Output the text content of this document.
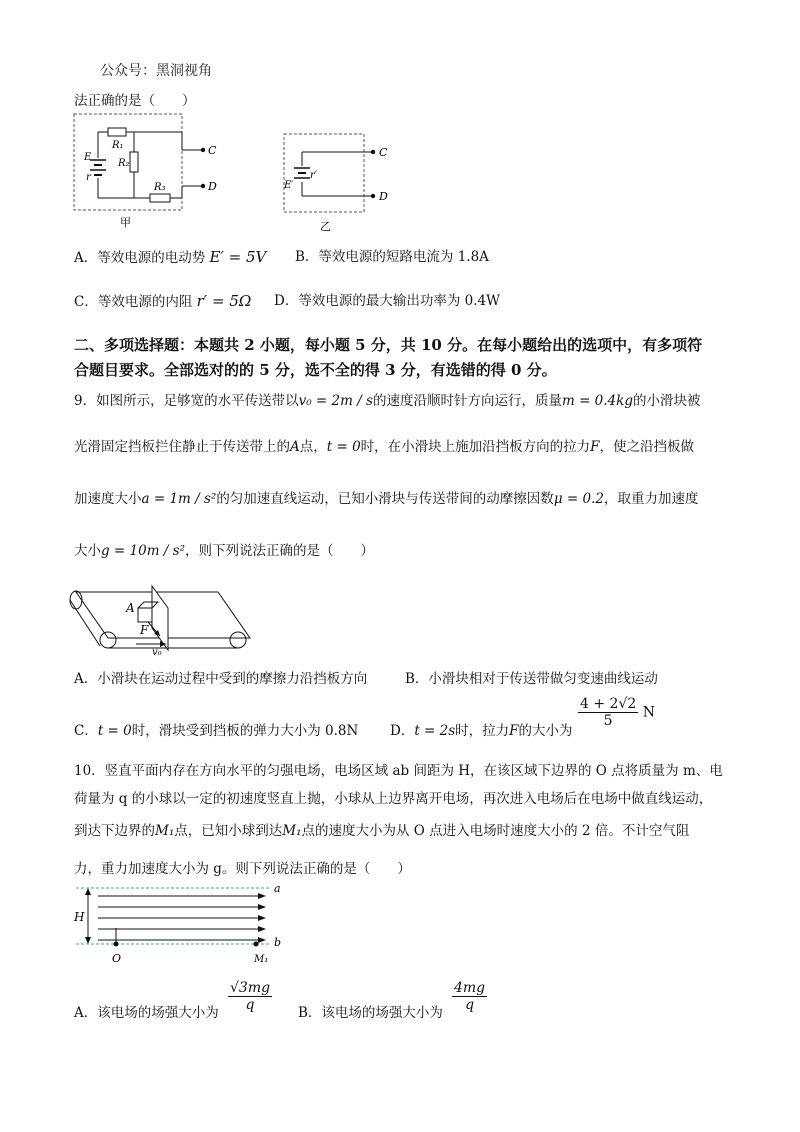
公众号：黑洞视角
法正确的是（　　）
E
r
R₁
R₂
R₃
C
D
甲
E′
r′
C
D
乙
A．等效电源的电动势 E′ = 5V B．等效电源的短路电流为 1.8A
C．等效电源的内阻 r′ = 5Ω D．等效电源的最大输出功率为 0.4W
二、多项选择题：本题共 2 小题，每小题 5 分，共 10 分。在每小题给出的选项中，有多项符
合题目要求。全部选对的的 5 分，选不全的得 3 分，有选错的得 0 分。
9．如图所示，足够宽的水平传送带以v₀ = 2m / s的速度沿顺时针方向运行，质量m = 0.4kg的小滑块被
光滑固定挡板拦住静止于传送带上的A点，t = 0时，在小滑块上施加沿挡板方向的拉力F，使之沿挡板做
加速度大小a = 1m / s²的匀加速直线运动，已知小滑块与传送带间的动摩擦因数μ = 0.2，取重力加速度
大小g = 10m / s²，则下列说法正确的是（　　）
A
F
v₀
A．小滑块在运动过程中受到的摩擦力沿挡板方向	B．小滑块相对于传送带做匀变速曲线运动
C．t = 0时，滑块受到挡板的弹力大小为 0.8N D．t = 2s时，拉力F的大小为
$\frac{4 + 2√2}{5}$ N
10．竖直平面内存在方向水平的匀强电场，电场区域 ab 间距为 H，在该区域下边界的 O 点将质量为 m、电
荷量为 q 的小球以一定的初速度竖直上抛，小球从上边界离开电场，再次进入电场后在电场中做直线运动，
到达下边界的M₁点，已知小球到达M₁点的速度大小为从 O 点进入电场时速度大小的 2 倍。不计空气阻
力，重力加速度大小为 g。则下列说法正确的是（　　）
a
b
H
O	M₁
A．该电场的场强大小为 $\frac{√3mg}{q}$ B．该电场的场强大小为 $\frac{4mg}{q}$
